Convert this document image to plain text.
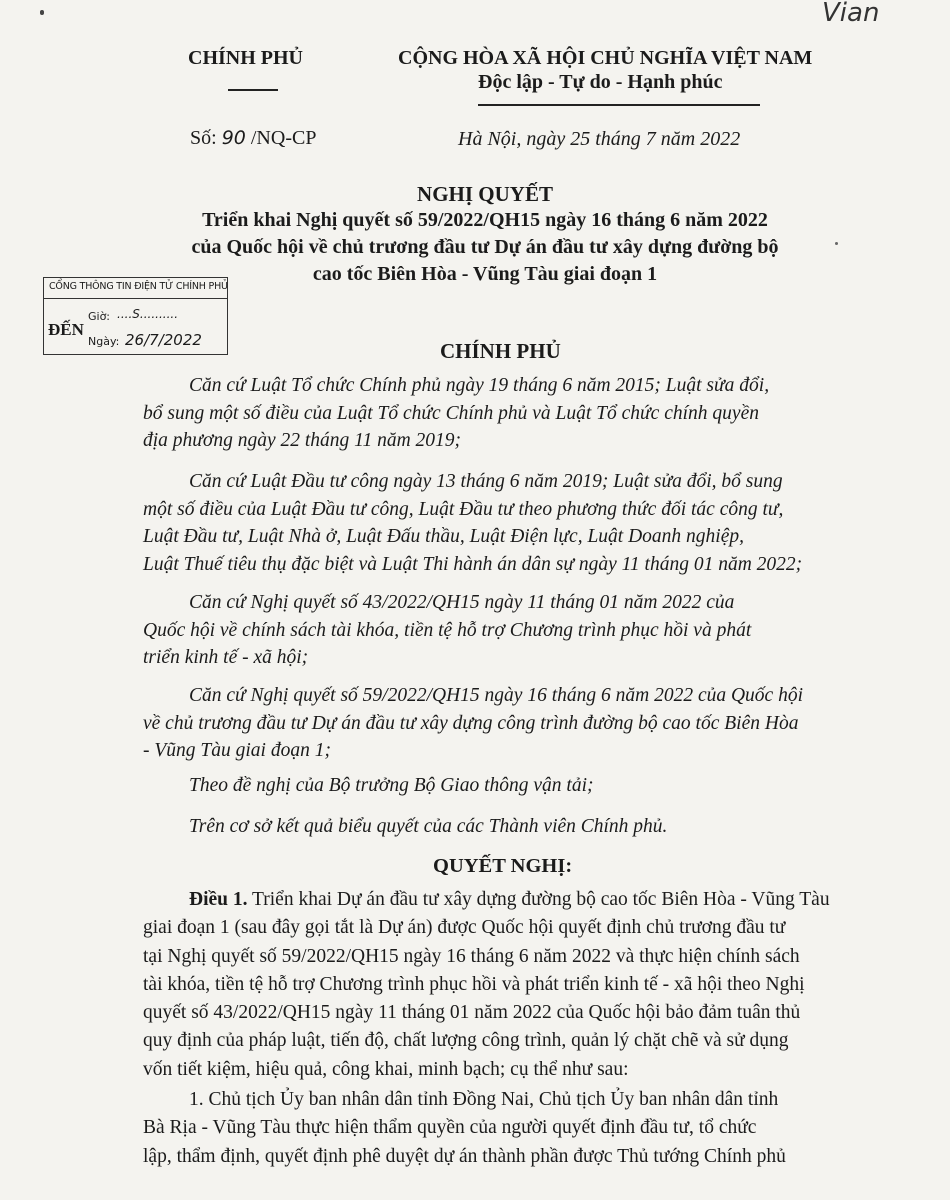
Vian
CHÍNH PHỦ	CỘNG HÒA XÃ HỘI CHỦ NGHĨA VIỆT NAM
Độc lập - Tự do - Hạnh phúc
Số: 90 /NQ-CP	Hà Nội, ngày 25 tháng 7 năm 2022
NGHỊ QUYẾT
Triển khai Nghị quyết số 59/2022/QH15 ngày 16 tháng 6 năm 2022
của Quốc hội về chủ trương đầu tư Dự án đầu tư xây dựng đường bộ
cao tốc Biên Hòa - Vũng Tàu giai đoạn 1
CỔNG THÔNG TIN ĐIỆN TỬ CHÍNH PHỦ
ĐẾN
Giờ: ....S..........
Ngày: 26/7/2022	CHÍNH PHỦ
Căn cứ Luật Tổ chức Chính phủ ngày 19 tháng 6 năm 2015; Luật sửa đổi,
bổ sung một số điều của Luật Tổ chức Chính phủ và Luật Tổ chức chính quyền
địa phương ngày 22 tháng 11 năm 2019;
Căn cứ Luật Đầu tư công ngày 13 tháng 6 năm 2019; Luật sửa đổi, bổ sung
một số điều của Luật Đầu tư công, Luật Đầu tư theo phương thức đối tác công tư,
Luật Đầu tư, Luật Nhà ở, Luật Đấu thầu, Luật Điện lực, Luật Doanh nghiệp,
Luật Thuế tiêu thụ đặc biệt và Luật Thi hành án dân sự ngày 11 tháng 01 năm 2022;
Căn cứ Nghị quyết số 43/2022/QH15 ngày 11 tháng 01 năm 2022 của
Quốc hội về chính sách tài khóa, tiền tệ hỗ trợ Chương trình phục hồi và phát
triển kinh tế - xã hội;
Căn cứ Nghị quyết số 59/2022/QH15 ngày 16 tháng 6 năm 2022 của Quốc hội
về chủ trương đầu tư Dự án đầu tư xây dựng công trình đường bộ cao tốc Biên Hòa
- Vũng Tàu giai đoạn 1;
Theo đề nghị của Bộ trưởng Bộ Giao thông vận tải;
Trên cơ sở kết quả biểu quyết của các Thành viên Chính phủ.
QUYẾT NGHỊ:
Điều 1. Triển khai Dự án đầu tư xây dựng đường bộ cao tốc Biên Hòa - Vũng Tàu
giai đoạn 1 (sau đây gọi tắt là Dự án) được Quốc hội quyết định chủ trương đầu tư
tại Nghị quyết số 59/2022/QH15 ngày 16 tháng 6 năm 2022 và thực hiện chính sách
tài khóa, tiền tệ hỗ trợ Chương trình phục hồi và phát triển kinh tế - xã hội theo Nghị
quyết số 43/2022/QH15 ngày 11 tháng 01 năm 2022 của Quốc hội bảo đảm tuân thủ
quy định của pháp luật, tiến độ, chất lượng công trình, quản lý chặt chẽ và sử dụng
vốn tiết kiệm, hiệu quả, công khai, minh bạch; cụ thể như sau:
1. Chủ tịch Ủy ban nhân dân tỉnh Đồng Nai, Chủ tịch Ủy ban nhân dân tỉnh
Bà Rịa - Vũng Tàu thực hiện thẩm quyền của người quyết định đầu tư, tổ chức
lập, thẩm định, quyết định phê duyệt dự án thành phần được Thủ tướng Chính phủ
